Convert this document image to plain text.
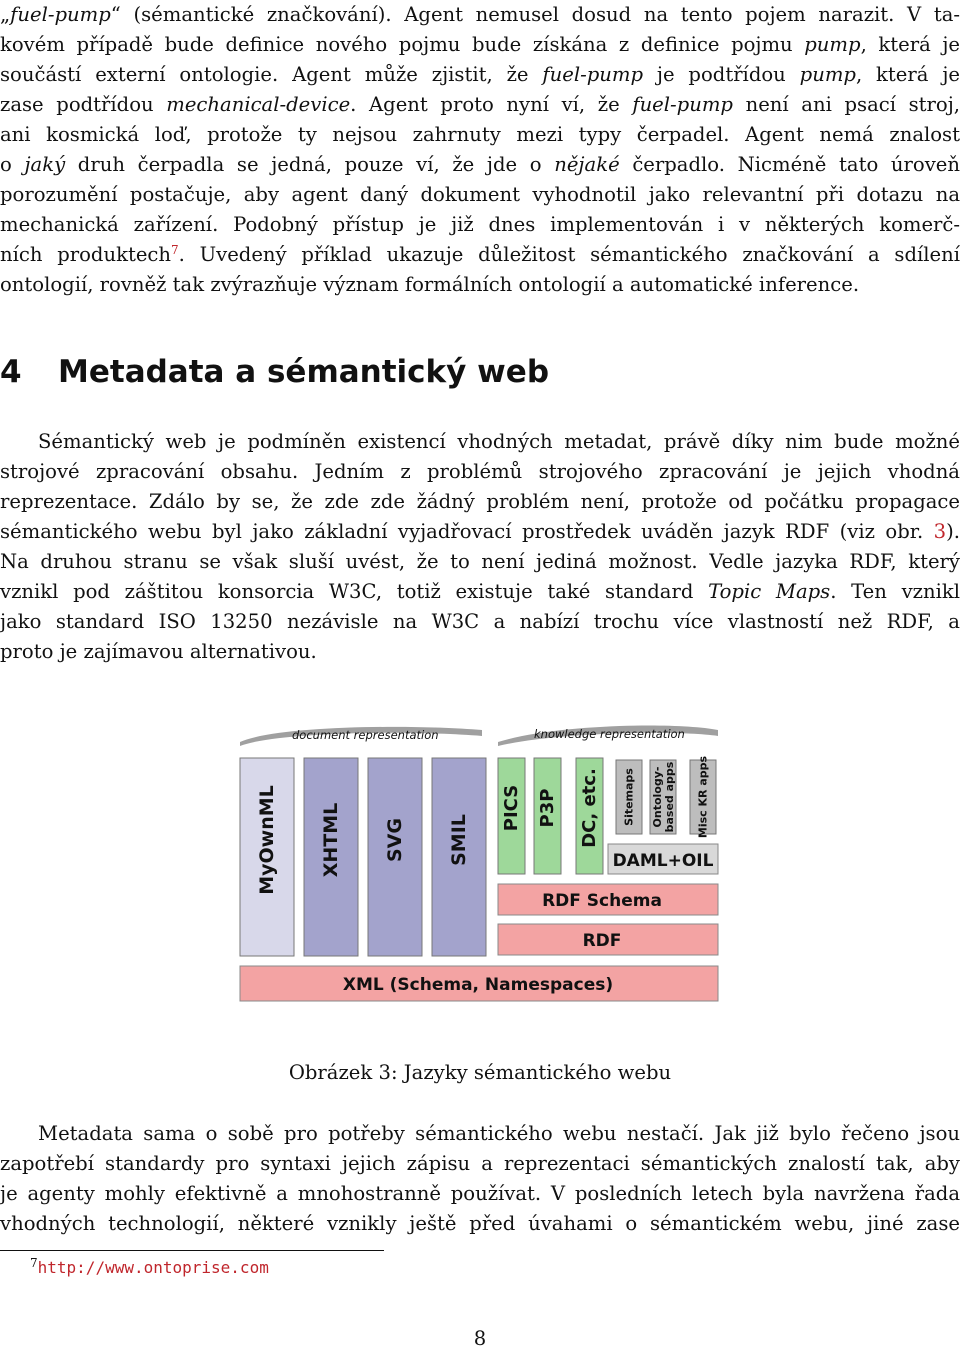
„fuel-pump“ (sémantické značkování). Agent nemusel dosud na tento pojem narazit. V ta-
kovém případě bude definice nového pojmu bude získána z definice pojmu pump, která je
součástí externí ontologie. Agent může zjistit, že fuel-pump je podtřídou pump, která je
zase podtřídou mechanical-device. Agent proto nyní ví, že fuel-pump není ani psací stroj,
ani kosmická loď, protože ty nejsou zahrnuty mezi typy čerpadel. Agent nemá znalost
o jaký druh čerpadla se jedná, pouze ví, že jde o nějaké čerpadlo. Nicméně tato úroveň
porozumění postačuje, aby agent daný dokument vyhodnotil jako relevantní při dotazu na
mechanická zařízení. Podobný přístup je již dnes implementován i v některých komerč-
ních produktech$^7$. Uvedený příklad ukazuje důležitost sémantického značkování a sdílení
ontologií, rovněž tak zvýrazňuje význam formálních ontologií a automatické inference.
4 Metadata a sémantický web
Sémantický web je podmíněn existencí vhodných metadat, právě díky nim bude možné
strojové zpracování obsahu. Jedním z problémů strojového zpracování je jejich vhodná
reprezentace. Zdálo by se, že zde zde žádný problém není, protože od počátku propagace
sémantického webu byl jako základní vyjadřovací prostředek uváděn jazyk RDF (viz obr. 3).
Na druhou stranu se však sluší uvést, že to není jediná možnost. Vedle jazyka RDF, který
vznikl pod záštitou konsorcia W3C, totiž existuje také standard Topic Maps. Ten vznikl
jako standard ISO 13250 nezávisle na W3C a nabízí trochu více vlastností než RDF, a
proto je zajímavou alternativou.
document representation	knowledge representation
MyOwnML XHTML SVG SMIL
PICS P3P DC, etc. Sitemaps Ontology-based apps Misc KR apps
DAML+OIL
RDF Schema
RDF
XML (Schema, Namespaces)
Obrázek 3: Jazyky sémantického webu
Metadata sama o sobě pro potřeby sémantického webu nestačí. Jak již bylo řečeno jsou
zapotřebí standardy pro syntaxi jejich zápisu a reprezentaci sémantických znalostí tak, aby
je agenty mohly efektivně a mnohostranně používat. V posledních letech byla navržena řada
vhodných technologií, některé vznikly ještě před úvahami o sémantickém webu, jiné zase
$^7$http://www.ontoprise.com
8
